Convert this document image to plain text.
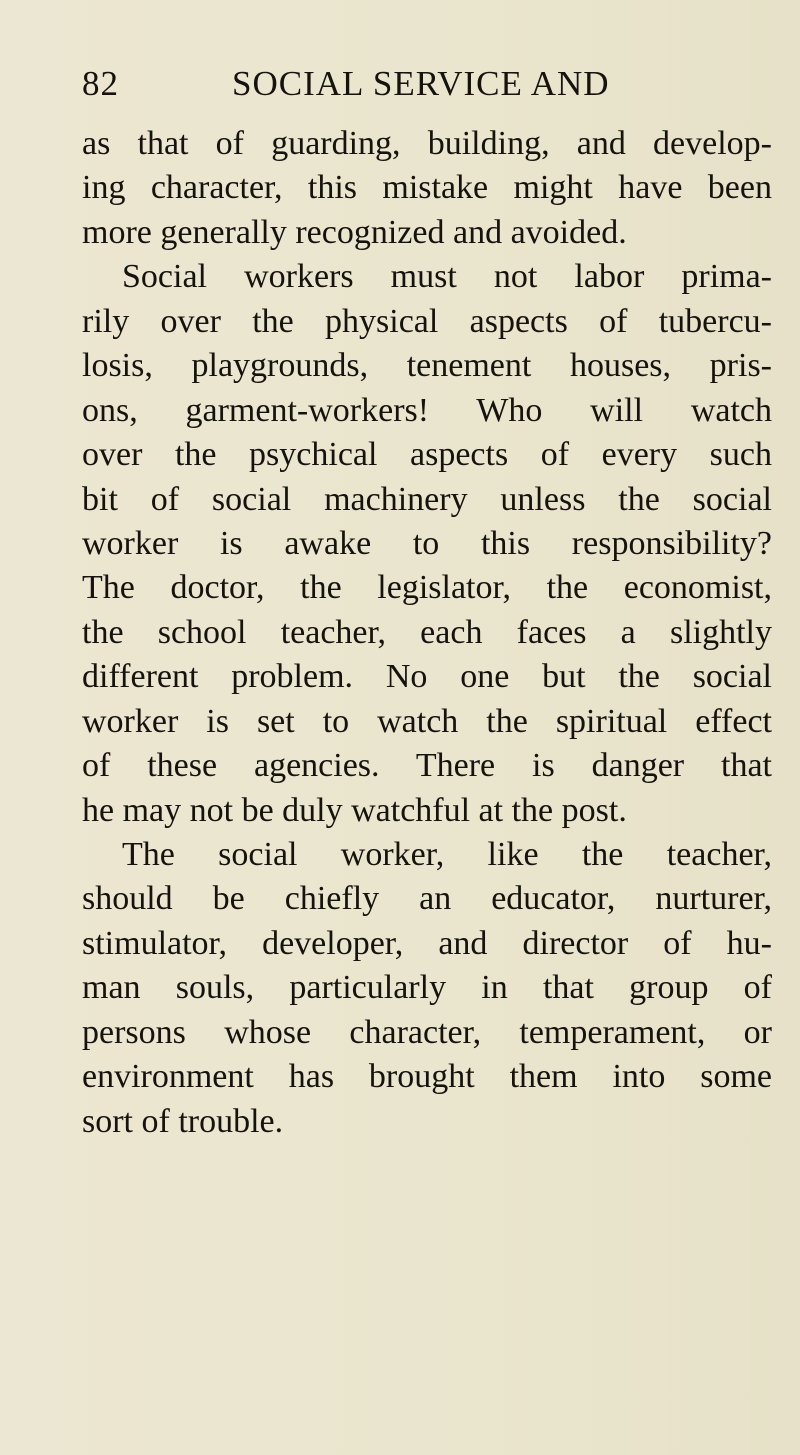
82	SOCIAL SERVICE AND
as that of guarding, building, and develop-
ing character, this mistake might have been
more generally recognized and avoided.
Social workers must not labor prima-
rily over the physical aspects of tubercu-
losis, playgrounds, tenement houses, pris-
ons, garment-workers! Who will watch
over the psychical aspects of every such
bit of social machinery unless the social
worker is awake to this responsibility?
The doctor, the legislator, the economist,
the school teacher, each faces a slightly
different problem. No one but the social
worker is set to watch the spiritual effect
of these agencies. There is danger that
he may not be duly watchful at the post.
The social worker, like the teacher,
should be chiefly an educator, nurturer,
stimulator, developer, and director of hu-
man souls, particularly in that group of
persons whose character, temperament, or
environment has brought them into some
sort of trouble.
